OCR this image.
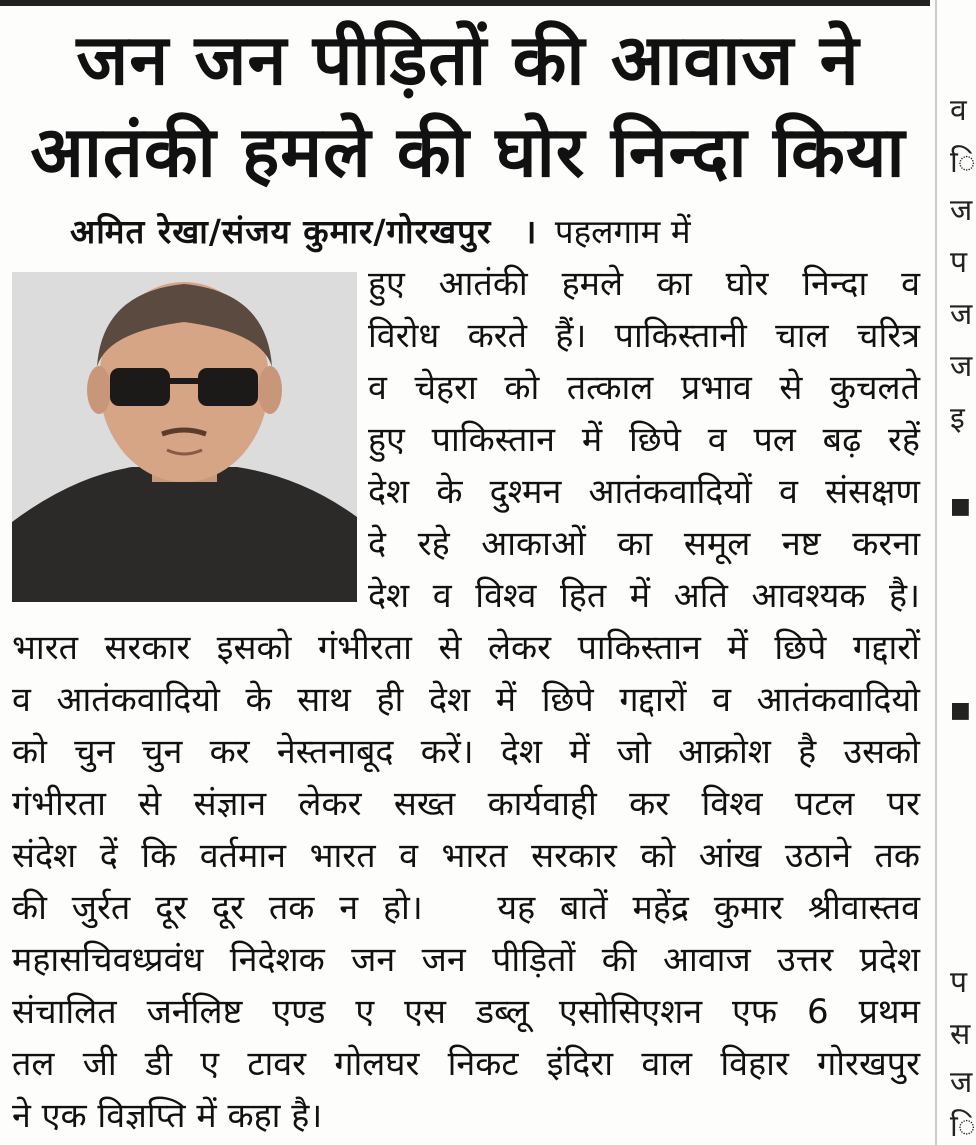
जन जन पीड़ितों की आवाज ने
आतंकी हमले की घोर निन्दा किया
अमित रेखा/संजय कुमार/गोरखपुर । पहलगाम में
हुए आतंकी हमले का घोर निन्दा व
विरोध करते हैं। पाकिस्तानी चाल चरित्र
व चेहरा को तत्काल प्रभाव से कुचलते
हुए पाकिस्तान में छिपे व पल बढ़ रहें
देश के दुश्मन आतंकवादियों व संसक्षण
दे रहे आकाओं का समूल नष्ट करना
देश व विश्व हित में अति आवश्यक है।
भारत सरकार इसको गंभीरता से लेकर पाकिस्तान में छिपे गद्दारों
व आतंकवादियो के साथ ही देश में छिपे गद्दारों व आतंकवादियो
को चुन चुन कर नेस्तनाबूद करें। देश में जो आक्रोश है उसको
गंभीरता से संज्ञान लेकर सख्त कार्यवाही कर विश्व पटल पर
संदेश दें कि वर्तमान भारत व भारत सरकार को आंख उठाने तक
की जुर्रत दूर दूर तक न हो।   यह बातें महेंद्र कुमार श्रीवास्तव
महासचिवध्प्रवंध निदेशक जन जन पीड़ितों की आवाज उत्तर प्रदेश
संचालित जर्नलिष्ट एण्ड ए एस डब्लू एसोसिएशन एफ 6 प्रथम
तल जी डी ए टावर गोलघर निकट इंदिरा वाल विहार गोरखपुर
ने एक विज्ञप्ति में कहा है।
व
ि
ज
प
ज
ज
इ
■
■
प
स
ज
ि
